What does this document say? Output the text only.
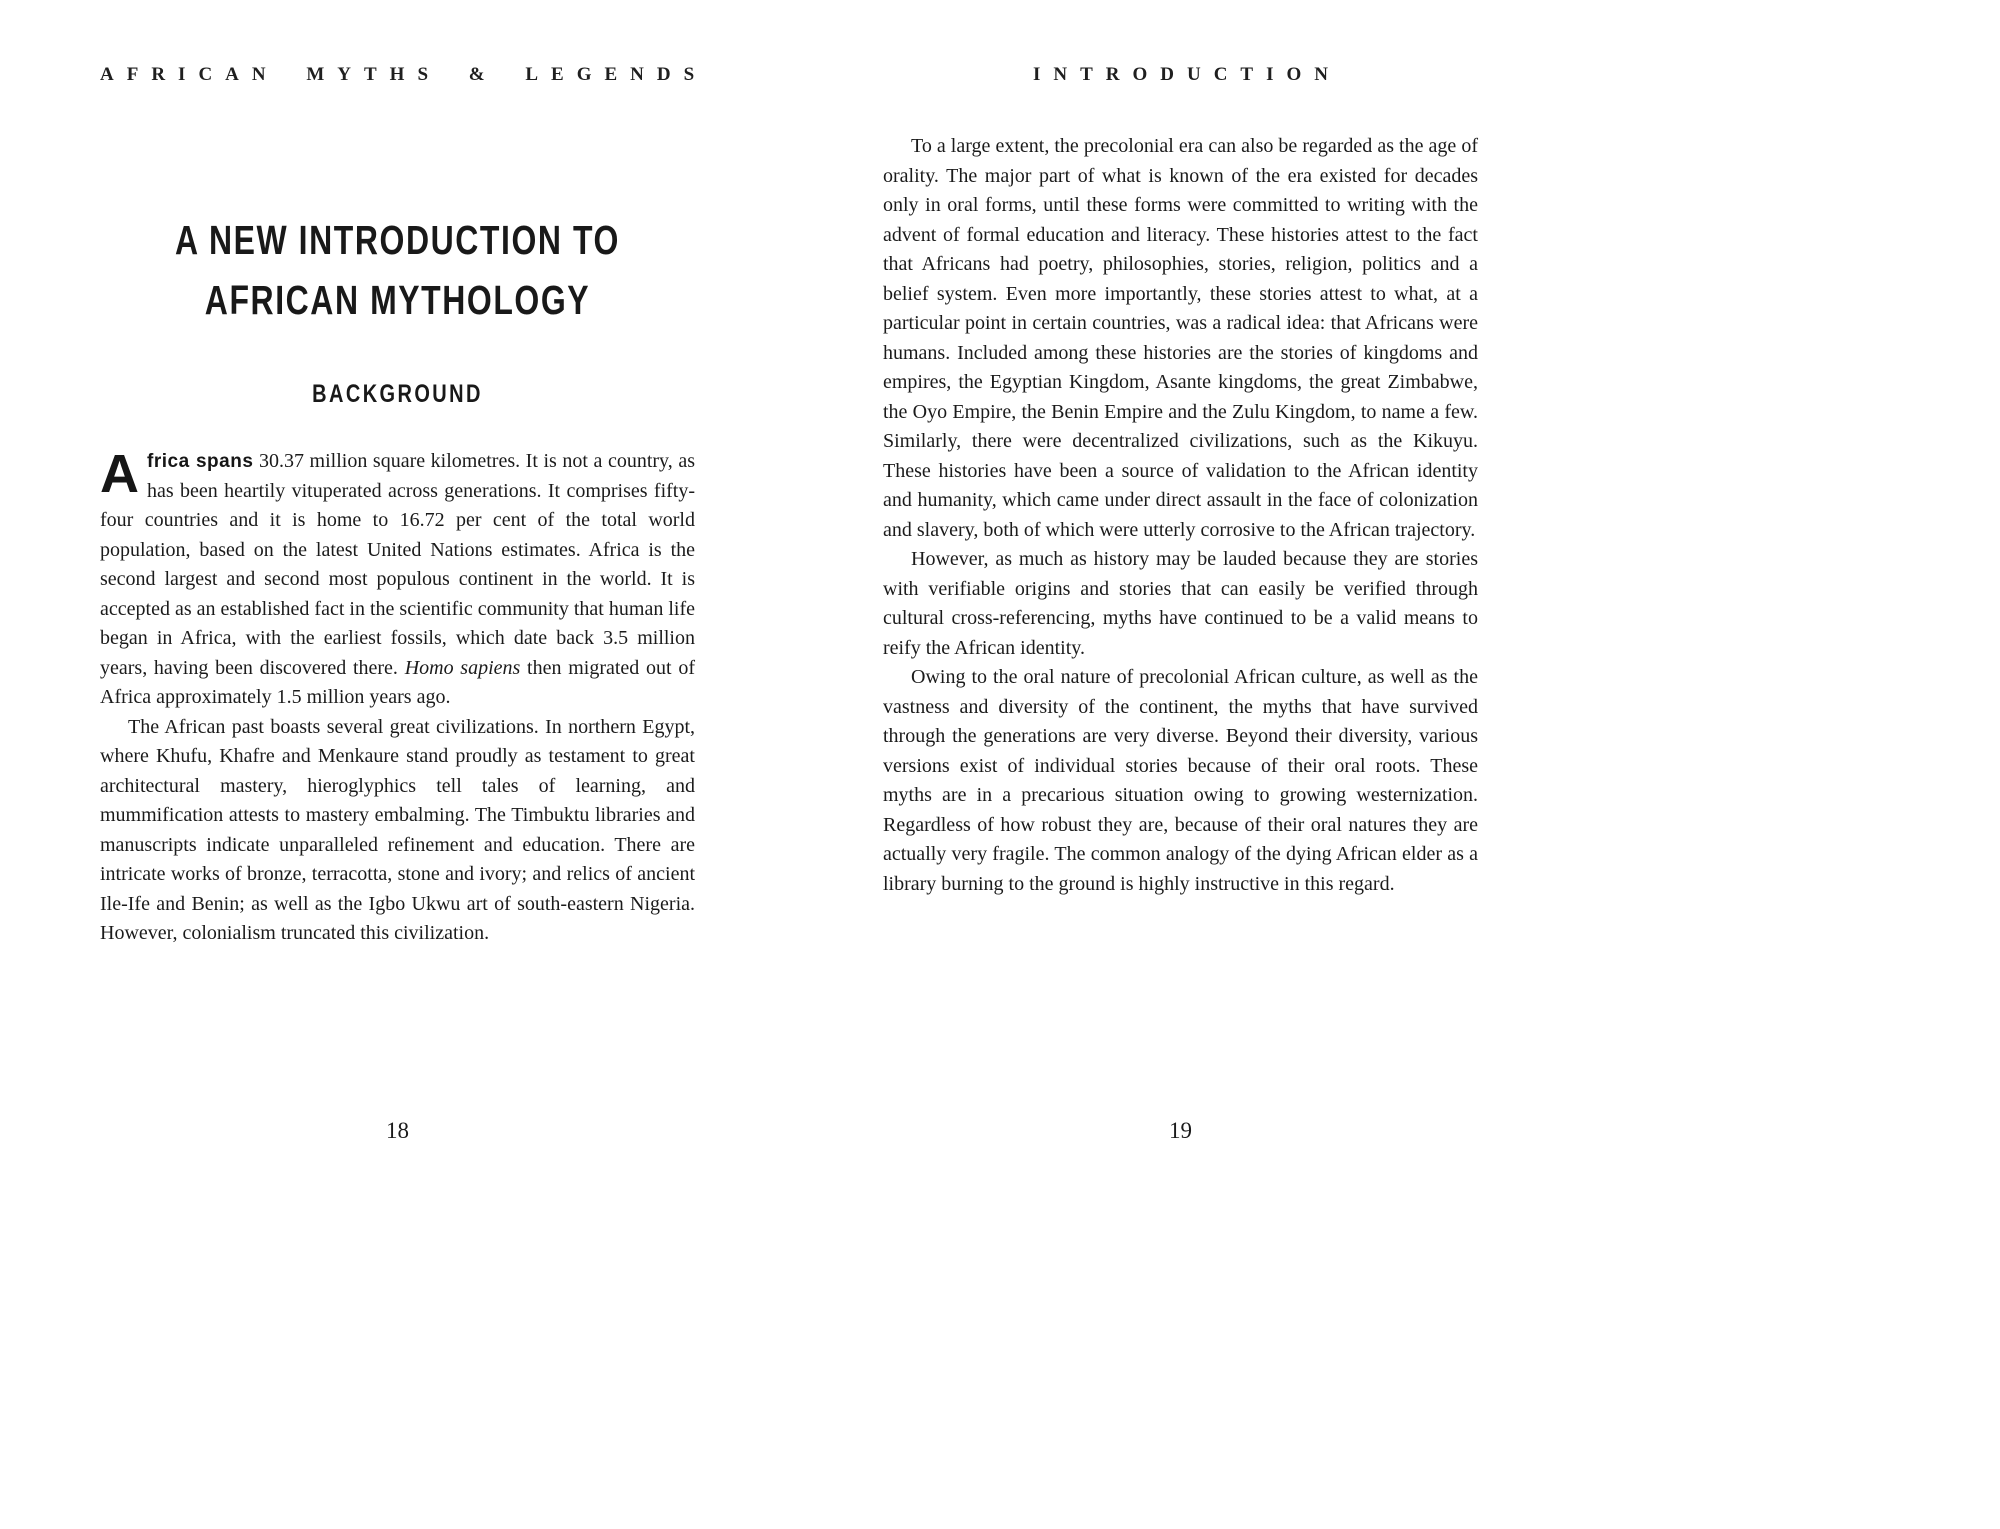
AFRICAN MYTHS & LEGENDS
A NEW INTRODUCTION TO
AFRICAN MYTHOLOGY
BACKGROUND

Africa spans 30.37 million square kilometres. It is not a country, as has been heartily vituperated across generations. It comprises fifty-four countries and it is home to 16.72 per cent of the total world population, based on the latest United Nations estimates. Africa is the second largest and second most populous continent in the world. It is accepted as an established fact in the scientific community that human life began in Africa, with the earliest fossils, which date back 3.5 million years, having been discovered there. Homo sapiens then migrated out of Africa approximately 1.5 million years ago.

The African past boasts several great civilizations. In northern Egypt, where Khufu, Khafre and Menkaure stand proudly as testament to great architectural mastery, hieroglyphics tell tales of learning, and mummification attests to mastery embalming. The Timbuktu libraries and manuscripts indicate unparalleled refinement and education. There are intricate works of bronze, terracotta, stone and ivory; and relics of ancient Ile-Ife and Benin; as well as the Igbo Ukwu art of south-eastern Nigeria. However, colonialism truncated this civilization.

18
INTRODUCTION

To a large extent, the precolonial era can also be regarded as the age of orality. The major part of what is known of the era existed for decades only in oral forms, until these forms were committed to writing with the advent of formal education and literacy. These histories attest to the fact that Africans had poetry, philosophies, stories, religion, politics and a belief system. Even more importantly, these stories attest to what, at a particular point in certain countries, was a radical idea: that Africans were humans. Included among these histories are the stories of kingdoms and empires, the Egyptian Kingdom, Asante kingdoms, the great Zimbabwe, the Oyo Empire, the Benin Empire and the Zulu Kingdom, to name a few. Similarly, there were decentralized civilizations, such as the Kikuyu. These histories have been a source of validation to the African identity and humanity, which came under direct assault in the face of colonization and slavery, both of which were utterly corrosive to the African trajectory.

However, as much as history may be lauded because they are stories with verifiable origins and stories that can easily be verified through cultural cross-referencing, myths have continued to be a valid means to reify the African identity.

Owing to the oral nature of precolonial African culture, as well as the vastness and diversity of the continent, the myths that have survived through the generations are very diverse. Beyond their diversity, various versions exist of individual stories because of their oral roots. These myths are in a precarious situation owing to growing westernization. Regardless of how robust they are, because of their oral natures they are actually very fragile. The common analogy of the dying African elder as a library burning to the ground is highly instructive in this regard.

19
